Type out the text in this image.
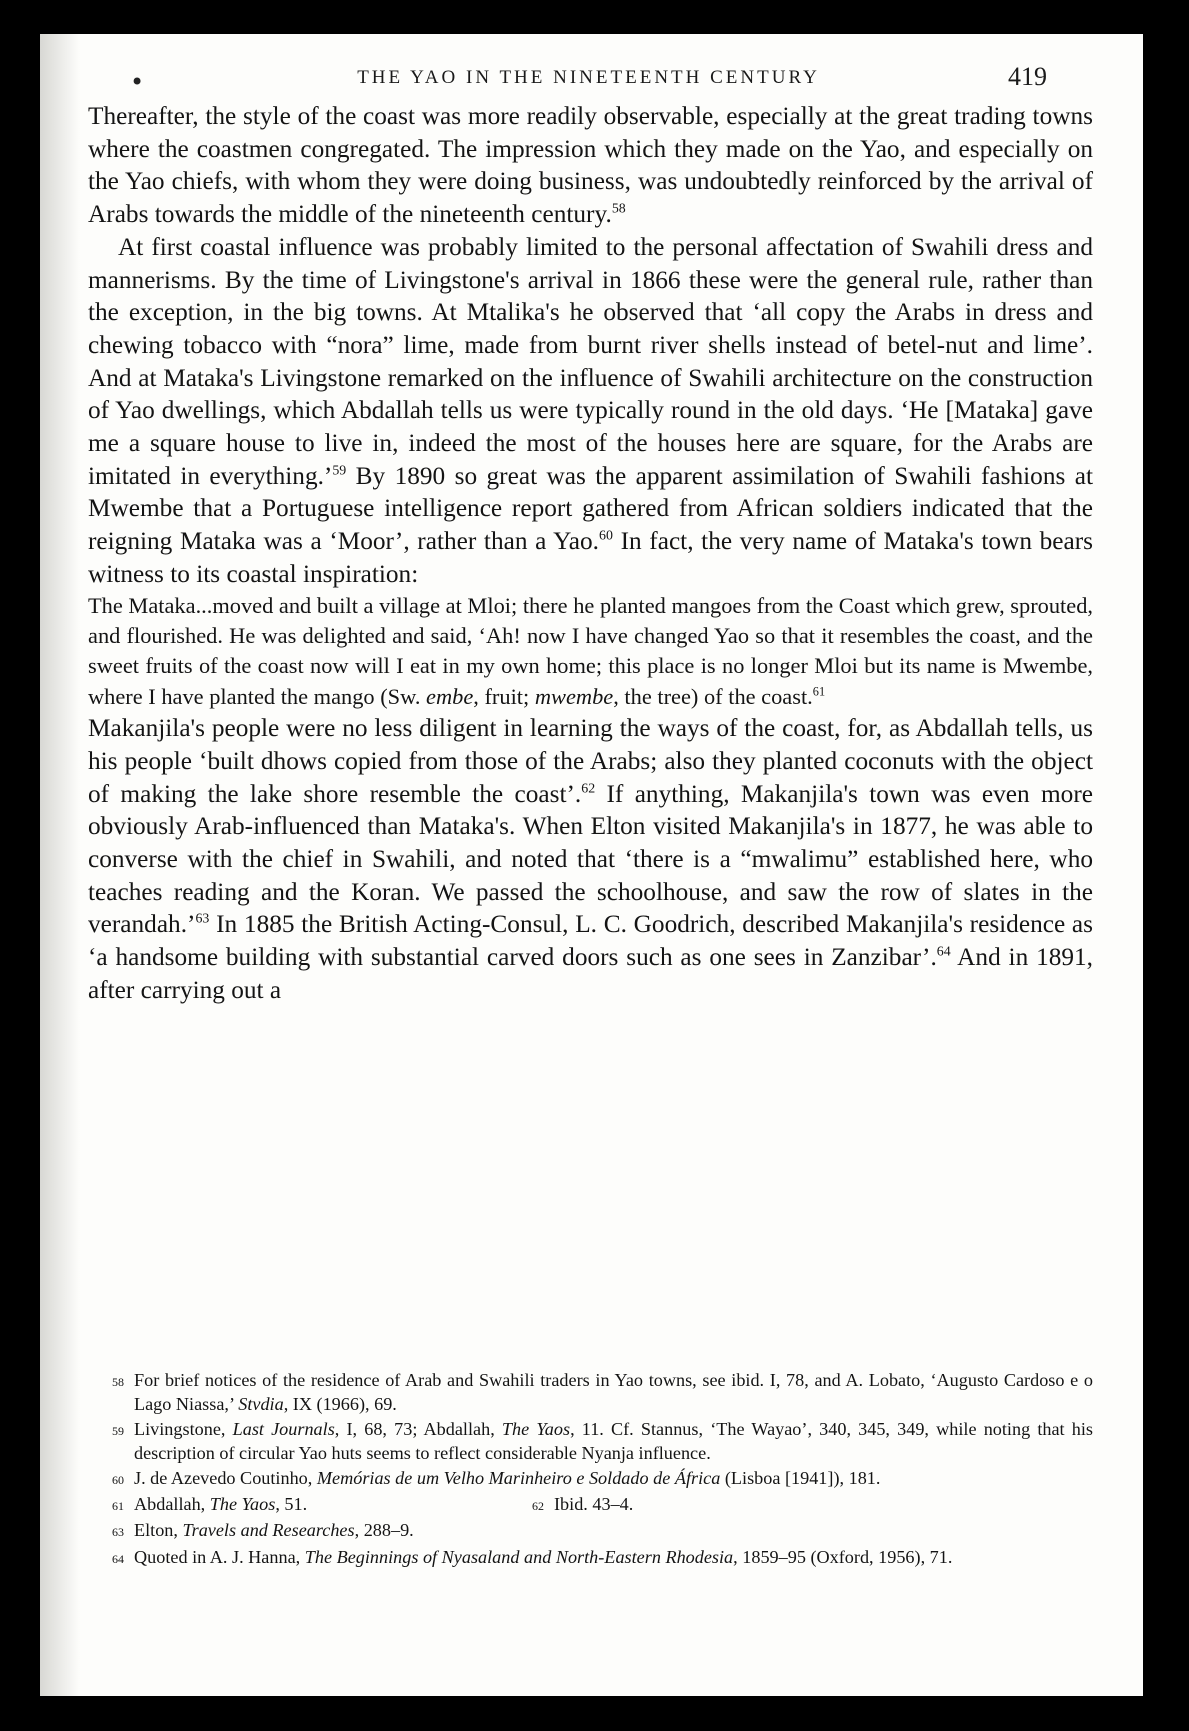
•	THE YAO IN THE NINETEENTH CENTURY	419

Thereafter, the style of the coast was more readily observable, especially at the great trading towns where the coastmen congregated. The impression which they made on the Yao, and especially on the Yao chiefs, with whom they were doing business, was undoubtedly reinforced by the arrival of Arabs towards the middle of the nineteenth century.$^{58}$

At first coastal influence was probably limited to the personal affectation of Swahili dress and mannerisms. By the time of Livingstone's arrival in 1866 these were the general rule, rather than the exception, in the big towns. At Mtalika's he observed that ‘all copy the Arabs in dress and chewing tobacco with “nora” lime, made from burnt river shells instead of betel-nut and lime’. And at Mataka's Livingstone remarked on the influence of Swahili architecture on the construction of Yao dwellings, which Abdallah tells us were typically round in the old days. ‘He [Mataka] gave me a square house to live in, indeed the most of the houses here are square, for the Arabs are imitated in everything.’$^{59}$ By 1890 so great was the apparent assimilation of Swahili fashions at Mwembe that a Portuguese intelligence report gathered from African soldiers indicated that the reigning Mataka was a ‘Moor’, rather than a Yao.$^{60}$ In fact, the very name of Mataka's town bears witness to its coastal inspiration:

The Mataka...moved and built a village at Mloi; there he planted mangoes from the Coast which grew, sprouted, and flourished. He was delighted and said, ‘Ah! now I have changed Yao so that it resembles the coast, and the sweet fruits of the coast now will I eat in my own home; this place is no longer Mloi but its name is Mwembe, where I have planted the mango (Sw. embe, fruit; mwembe, the tree) of the coast.$^{61}$

Makanjila's people were no less diligent in learning the ways of the coast, for, as Abdallah tells, us his people ‘built dhows copied from those of the Arabs; also they planted coconuts with the object of making the lake shore resemble the coast’.$^{62}$ If anything, Makanjila's town was even more obviously Arab-influenced than Mataka's. When Elton visited Makanjila's in 1877, he was able to converse with the chief in Swahili, and noted that ‘there is a “mwalimu” established here, who teaches reading and the Koran. We passed the schoolhouse, and saw the row of slates in the verandah.’$^{63}$ In 1885 the British Acting-Consul, L. C. Goodrich, described Makanjila's residence as ‘a handsome building with substantial carved doors such as one sees in Zanzibar’.$^{64}$ And in 1891, after carrying out a

58 For brief notices of the residence of Arab and Swahili traders in Yao towns, see ibid. I, 78, and A. Lobato, ‘Augusto Cardoso e o Lago Niassa,’ Stvdia, IX (1966), 69.
59 Livingstone, Last Journals, I, 68, 73; Abdallah, The Yaos, 11. Cf. Stannus, ‘The Wayao’, 340, 345, 349, while noting that his description of circular Yao huts seems to reflect considerable Nyanja influence.
60 J. de Azevedo Coutinho, Memórias de um Velho Marinheiro e Soldado de África (Lisboa [1941]), 181.
61 Abdallah, The Yaos, 51.	62 Ibid. 43–4.
63 Elton, Travels and Researches, 288–9.
64 Quoted in A. J. Hanna, The Beginnings of Nyasaland and North-Eastern Rhodesia, 1859–95 (Oxford, 1956), 71.
